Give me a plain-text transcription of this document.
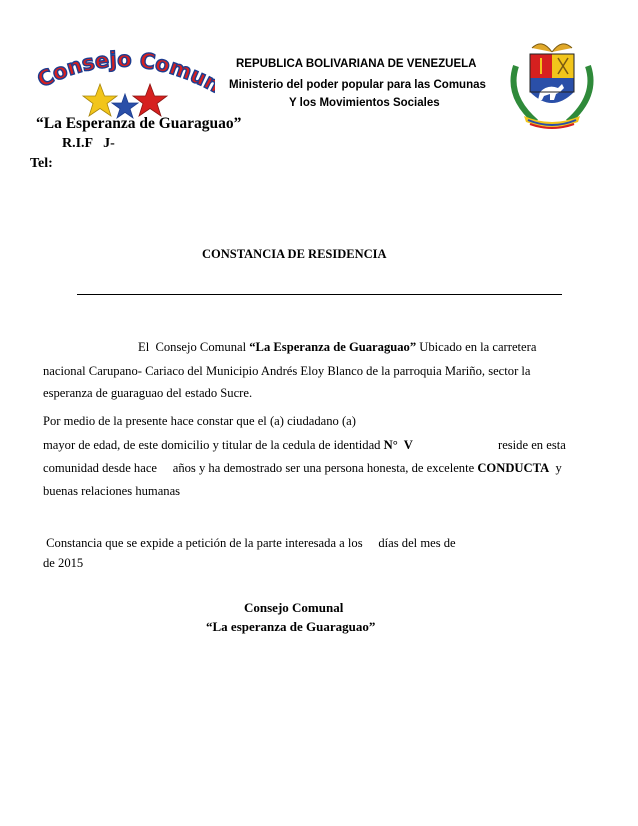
Consejo Comu	REPUBLICA BOLIVARIANA DE VENEZUELA
Ministerio del poder popular para las Comunas
Y los Movimientos Sociales
“La Esperanza de Guaraguao”
R.I.F   J-
Tel:
CONSTANCIA DE RESIDENCIA
El  Consejo Comunal “La Esperanza de Guaraguao” Ubicado en la carretera
nacional Carupano- Cariaco del Municipio Andrés Eloy Blanco de la parroquia Mariño, sector la
esperanza de guaraguao del estado Sucre.
Por medio de la presente hace constar que el (a) ciudadano (a)
mayor de edad, de este domicilio y titular de la cedula de identidad N°  V	reside en esta
comunidad desde hace     años y ha demostrado ser una persona honesta, de excelente CONDUCTA  y
buenas relaciones humanas
Constancia que se expide a petición de la parte interesada a los     días del mes de
de 2015
Consejo Comunal
“La esperanza de Guaraguao”
